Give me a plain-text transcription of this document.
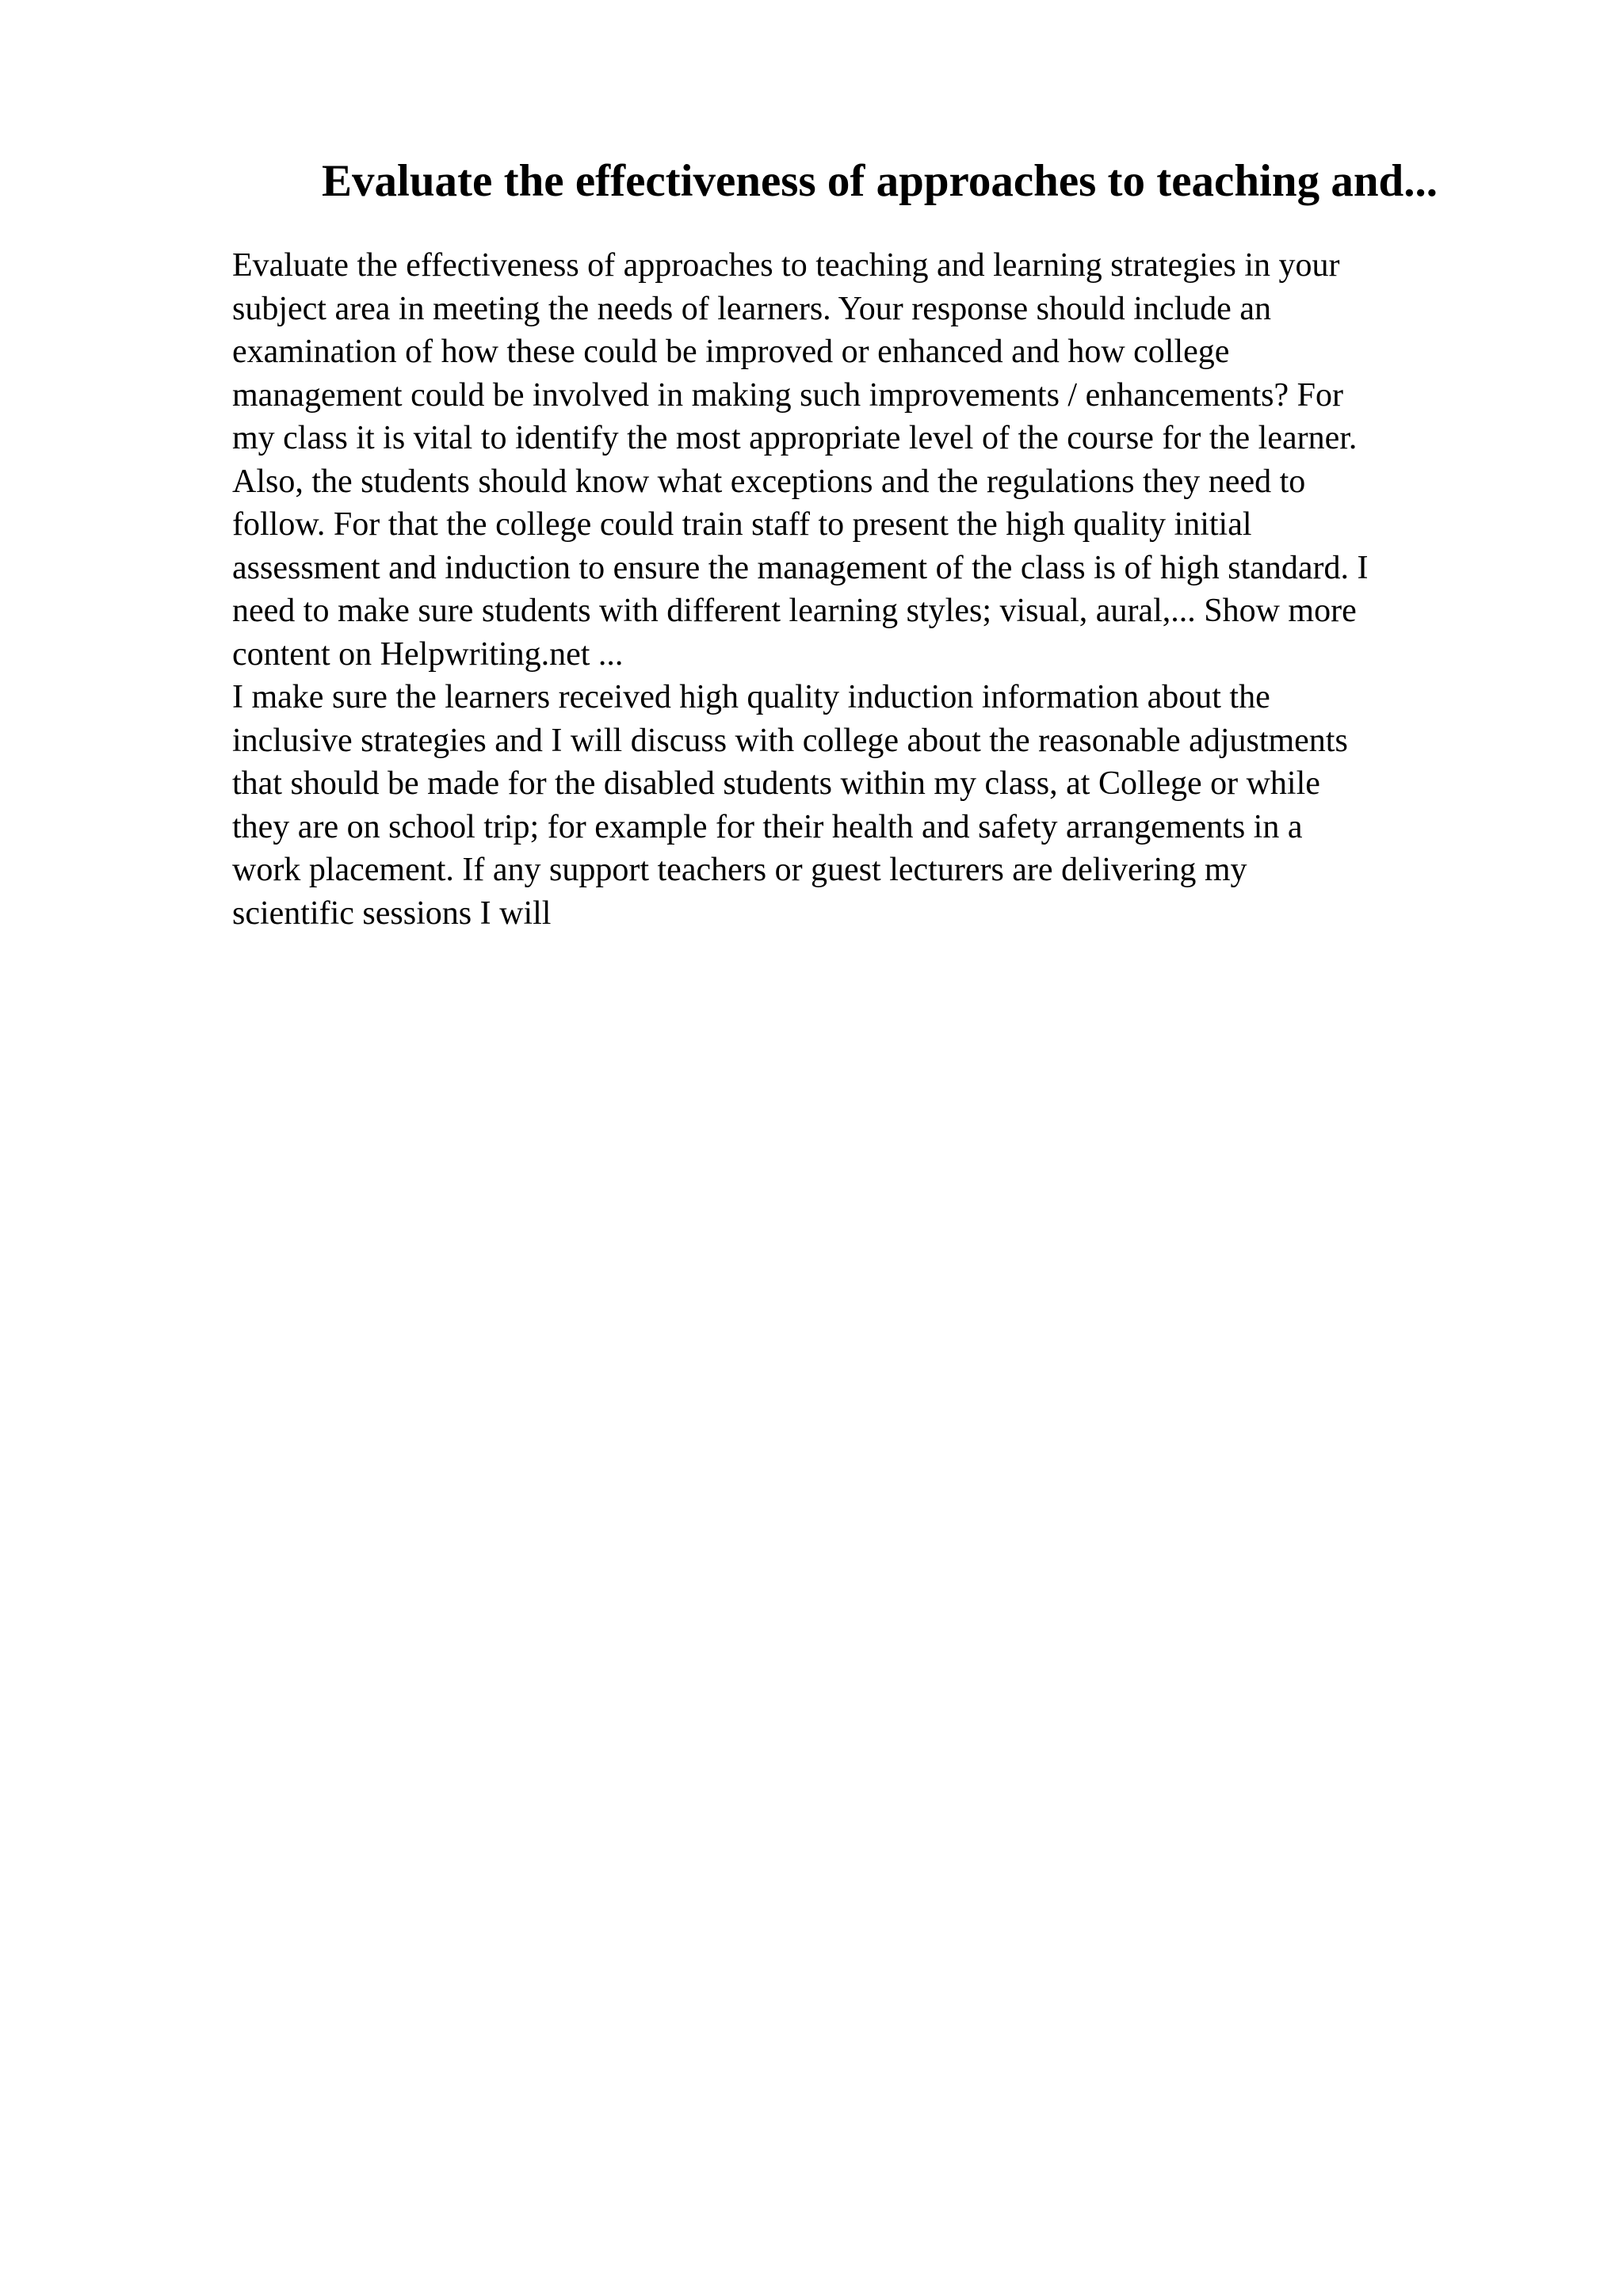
Evaluate the effectiveness of approaches to teaching and...

Evaluate the effectiveness of approaches to teaching and learning strategies in your
subject area in meeting the needs of learners. Your response should include an
examination of how these could be improved or enhanced and how college
management could be involved in making such improvements / enhancements? For
my class it is vital to identify the most appropriate level of the course for the learner.
Also, the students should know what exceptions and the regulations they need to
follow. For that the college could train staff to present the high quality initial
assessment and induction to ensure the management of the class is of high standard. I
need to make sure students with different learning styles; visual, aural,... Show more
content on Helpwriting.net ...

I make sure the learners received high quality induction information about the
inclusive strategies and I will discuss with college about the reasonable adjustments
that should be made for the disabled students within my class, at College or while
they are on school trip; for example for their health and safety arrangements in a
work placement. If any support teachers or guest lecturers are delivering my
scientific sessions I will
